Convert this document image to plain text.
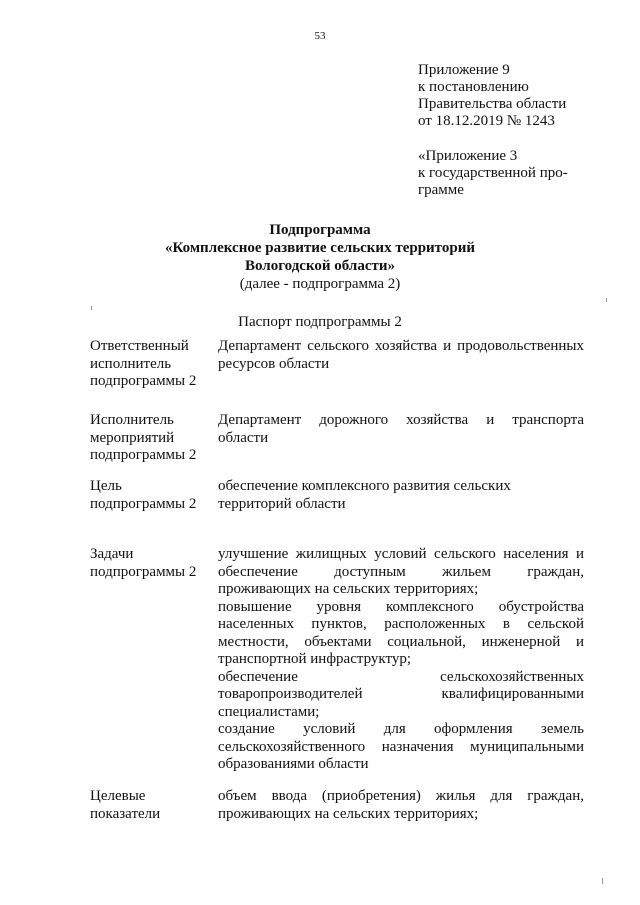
53
Приложение 9
к постановлению
Правительства области
от 18.12.2019 № 1243
«Приложение 3
к государственной про-
грамме
Подпрограмма
«Комплексное развитие сельских территорий
Вологодской области»
(далее - подпрограмма 2)
Паспорт подпрограммы 2
Ответственный
исполнитель
подпрограммы 2
Департамент сельского хозяйства и продовольственных
ресурсов области
Исполнитель
мероприятий
подпрограммы 2
Департамент дорожного хозяйства и транспорта
области
Цель
подпрограммы 2
обеспечение комплексного развития сельских
территорий области
Задачи
подпрограммы 2
улучшение жилищных условий сельского населения и
обеспечение доступным жильем граждан,
проживающих на сельских территориях;
повышение уровня комплексного обустройства
населенных пунктов, расположенных в сельской
местности, объектами социальной, инженерной и
транспортной инфраструктур;
обеспечение сельскохозяйственных
товаропроизводителей квалифицированными
специалистами;
создание условий для оформления земель
сельскохозяйственного назначения муниципальными
образованиями области
Целевые
показатели
объем ввода (приобретения) жилья для граждан,
проживающих на сельских территориях;
